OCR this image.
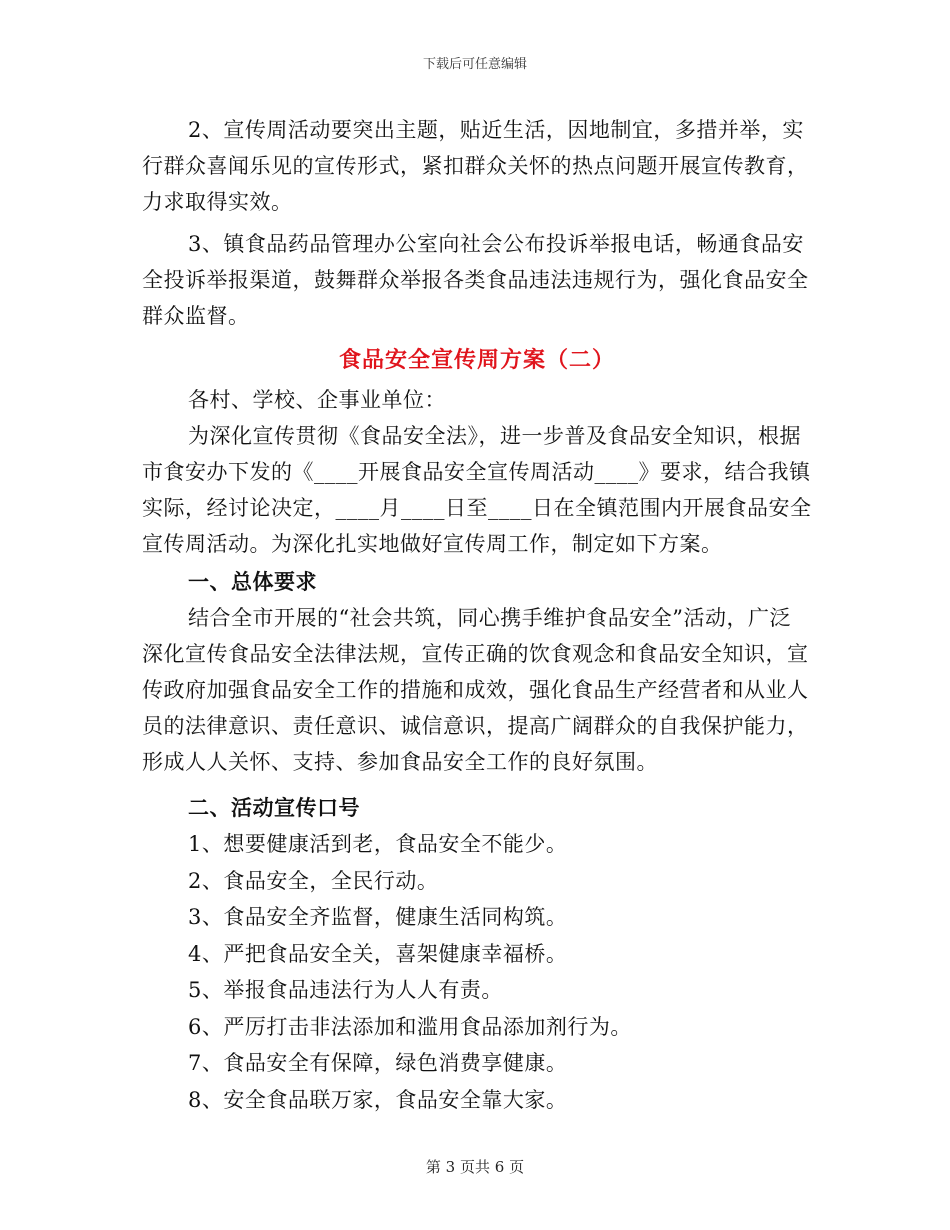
下载后可任意编辑

2、宣传周活动要突出主题，贴近生活，因地制宜，多措并举，实行群众喜闻乐见的宣传形式，紧扣群众关怀的热点问题开展宣传教育，力求取得实效。

3、镇食品药品管理办公室向社会公布投诉举报电话，畅通食品安全投诉举报渠道，鼓舞群众举报各类食品违法违规行为，强化食品安全群众监督。

食品安全宣传周方案（二）

各村、学校、企事业单位：

为深化宣传贯彻《食品安全法》，进一步普及食品安全知识，根据市食安办下发的《____开展食品安全宣传周活动____》要求，结合我镇实际，经讨论决定，____月____日至____日在全镇范围内开展食品安全宣传周活动。为深化扎实地做好宣传周工作，制定如下方案。

一、总体要求

结合全市开展的“社会共筑，同心携手维护食品安全”活动，广泛深化宣传食品安全法律法规，宣传正确的饮食观念和食品安全知识，宣传政府加强食品安全工作的措施和成效，强化食品生产经营者和从业人员的法律意识、责任意识、诚信意识，提高广阔群众的自我保护能力，形成人人关怀、支持、参加食品安全工作的良好氛围。

二、活动宣传口号

1、想要健康活到老，食品安全不能少。

2、食品安全，全民行动。

3、食品安全齐监督，健康生活同构筑。

4、严把食品安全关，喜架健康幸福桥。

5、举报食品违法行为人人有责。

6、严厉打击非法添加和滥用食品添加剂行为。

7、食品安全有保障，绿色消费享健康。

8、安全食品联万家，食品安全靠大家。

第 3 页共 6 页
